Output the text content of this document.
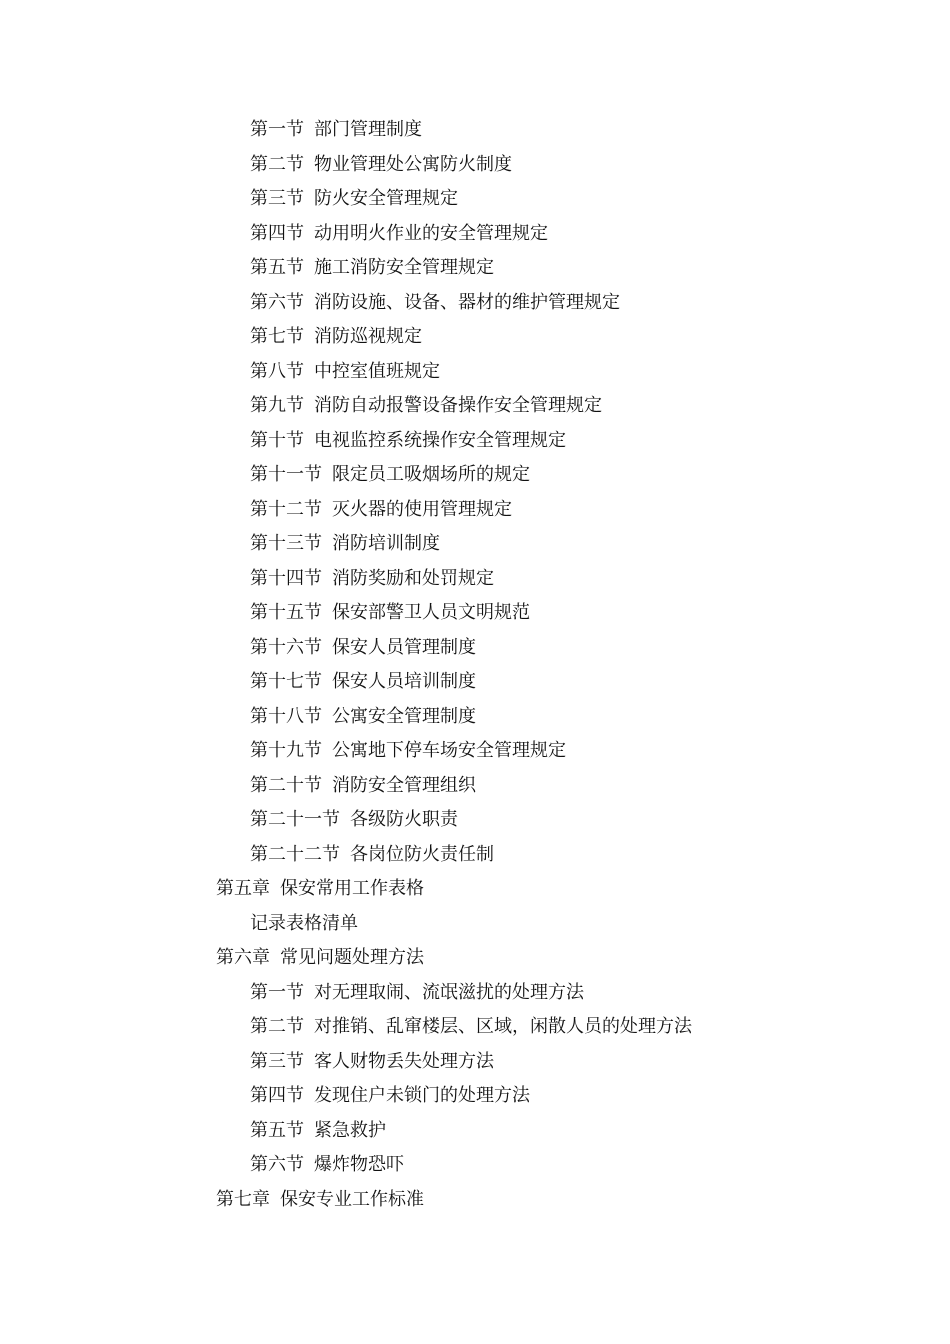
第一节 部门管理制度
第二节 物业管理处公寓防火制度
第三节 防火安全管理规定
第四节 动用明火作业的安全管理规定
第五节 施工消防安全管理规定
第六节 消防设施、设备、器材的维护管理规定
第七节 消防巡视规定
第八节 中控室值班规定
第九节 消防自动报警设备操作安全管理规定
第十节 电视监控系统操作安全管理规定
第十一节 限定员工吸烟场所的规定
第十二节 灭火器的使用管理规定
第十三节 消防培训制度
第十四节 消防奖励和处罚规定
第十五节 保安部警卫人员文明规范
第十六节 保安人员管理制度
第十七节 保安人员培训制度
第十八节 公寓安全管理制度
第十九节 公寓地下停车场安全管理规定
第二十节 消防安全管理组织
第二十一节 各级防火职责
第二十二节 各岗位防火责任制
第五章 保安常用工作表格
记录表格清单
第六章 常见问题处理方法
第一节 对无理取闹、流氓滋扰的处理方法
第二节 对推销、乱窜楼层、区域，闲散人员的处理方法
第三节 客人财物丢失处理方法
第四节 发现住户未锁门的处理方法
第五节 紧急救护
第六节 爆炸物恐吓
第七章 保安专业工作标准
